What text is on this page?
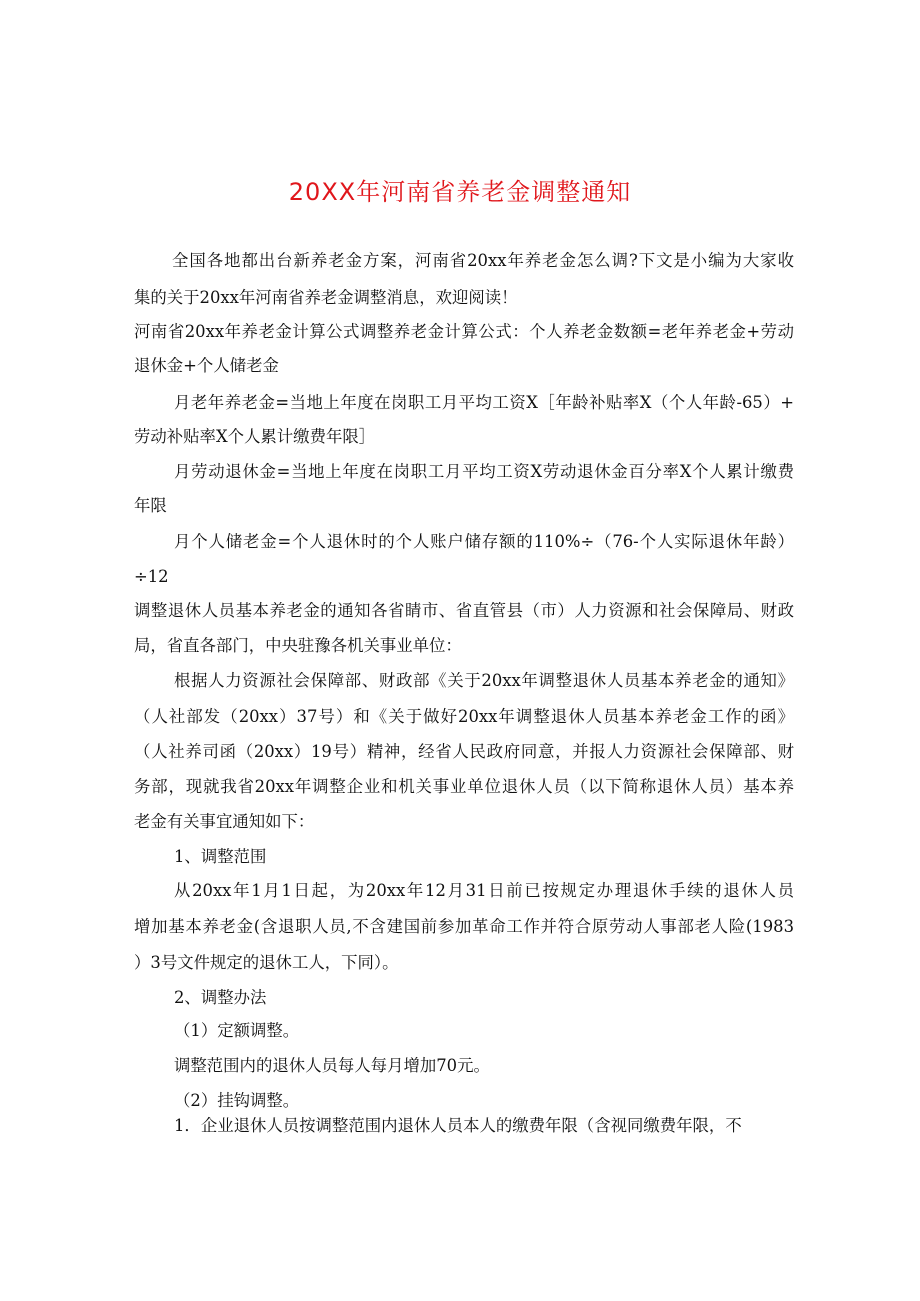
20XX年河南省养老金调整通知
全国各地都出台新养老金方案，河南省20xx年养老金怎么调?下文是小编为大家收
集的关于20xx年河南省养老金调整消息，欢迎阅读！
河南省20xx年养老金计算公式调整养老金计算公式：个人养老金数额=老年养老金+劳动
退休金+个人储老金
月老年养老金=当地上年度在岗职工月平均工资X［年龄补贴率X（个人年龄-65）+
劳动补贴率X个人累计缴费年限］
月劳动退休金=当地上年度在岗职工月平均工资X劳动退休金百分率X个人累计缴费
年限
月个人储老金=个人退休时的个人账户储存额的110%÷（76-个人实际退休年龄）
÷12
调整退休人员基本养老金的通知各省睛市、省直管县（市）人力资源和社会保障局、财政
局，省直各部门，中央驻豫各机关事业单位：
根据人力资源社会保障部、财政部《关于20xx年调整退休人员基本养老金的通知》
（人社部发（20xx）37号）和《关于做好20xx年调整退休人员基本养老金工作的函》
（人社养司函（20xx）19号）精神，经省人民政府同意，并报人力资源社会保障部、财
务部，现就我省20xx年调整企业和机关事业单位退休人员（以下简称退休人员）基本养
老金有关事宜通知如下：
1、调整范围
从20xx年1月1日起，为20xx年12月31日前已按规定办理退休手续的退休人员
增加基本养老金(含退职人员,不含建国前参加革命工作并符合原劳动人事部老人险(1983
）3号文件规定的退休工人，下同）。
2、调整办法
（1）定额调整。
调整范围内的退休人员每人每月增加70元。
（2）挂钩调整。
1．企业退休人员按调整范围内退休人员本人的缴费年限（含视同缴费年限，不
